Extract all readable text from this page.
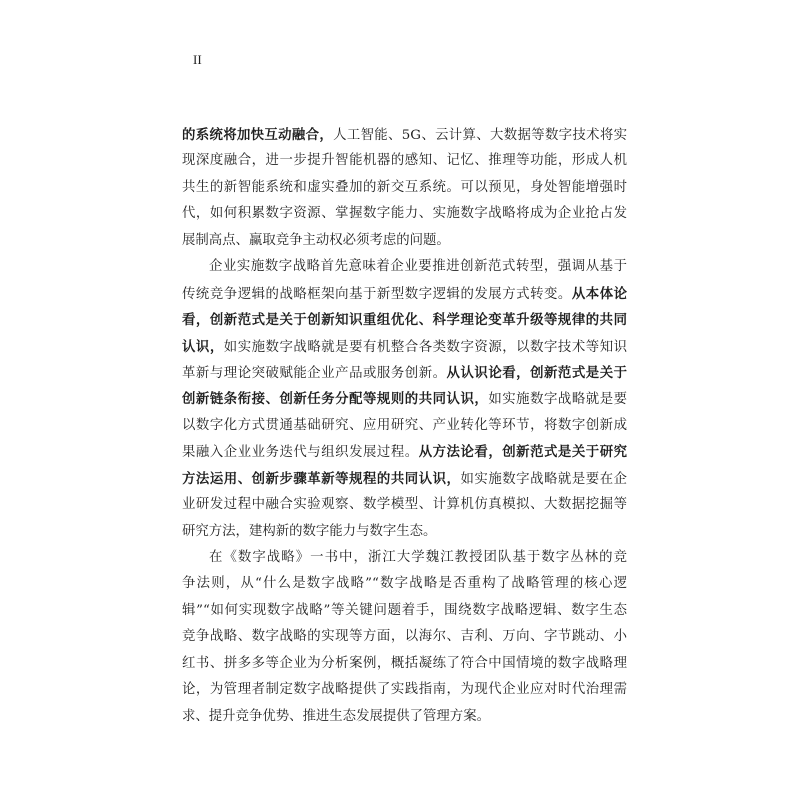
II
的系统将加快互动融合，人工智能、5G、云计算、大数据等数字技术将实
现深度融合，进一步提升智能机器的感知、记忆、推理等功能，形成人机
共生的新智能系统和虚实叠加的新交互系统。可以预见，身处智能增强时
代，如何积累数字资源、掌握数字能力、实施数字战略将成为企业抢占发
展制高点、赢取竞争主动权必须考虑的问题。
企业实施数字战略首先意味着企业要推进创新范式转型，强调从基于
传统竞争逻辑的战略框架向基于新型数字逻辑的发展方式转变。从本体论
看，创新范式是关于创新知识重组优化、科学理论变革升级等规律的共同
认识，如实施数字战略就是要有机整合各类数字资源，以数字技术等知识
革新与理论突破赋能企业产品或服务创新。从认识论看，创新范式是关于
创新链条衔接、创新任务分配等规则的共同认识，如实施数字战略就是要
以数字化方式贯通基础研究、应用研究、产业转化等环节，将数字创新成
果融入企业业务迭代与组织发展过程。从方法论看，创新范式是关于研究
方法运用、创新步骤革新等规程的共同认识，如实施数字战略就是要在企
业研发过程中融合实验观察、数学模型、计算机仿真模拟、大数据挖掘等
研究方法，建构新的数字能力与数字生态。
在《数字战略》一书中，浙江大学魏江教授团队基于数字丛林的竞
争法则，从“什么是数字战略”“数字战略是否重构了战略管理的核心逻
辑”“如何实现数字战略”等关键问题着手，围绕数字战略逻辑、数字生态
竞争战略、数字战略的实现等方面，以海尔、吉利、万向、字节跳动、小
红书、拼多多等企业为分析案例，概括凝练了符合中国情境的数字战略理
论，为管理者制定数字战略提供了实践指南，为现代企业应对时代治理需
求、提升竞争优势、推进生态发展提供了管理方案。
